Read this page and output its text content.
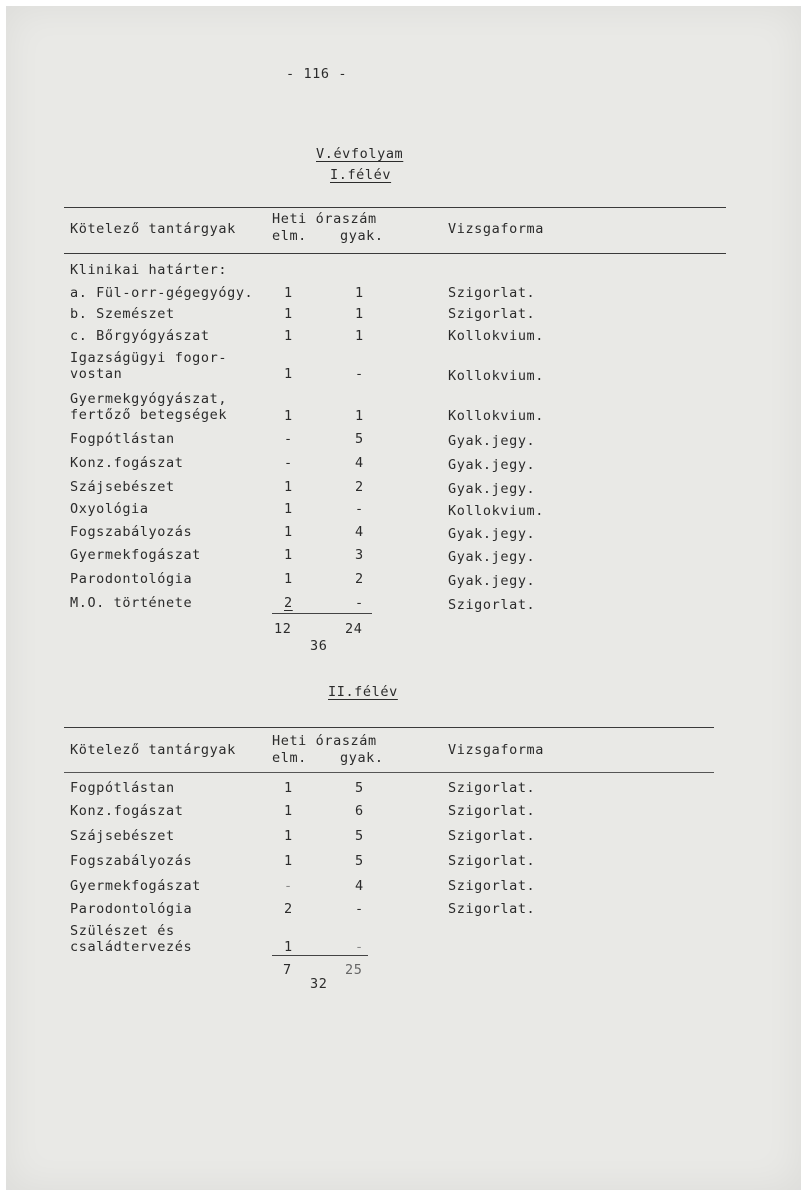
- 116 -
V.évfolyam
I.félév
Kötelező tantárgyak
Heti óraszám
elm. gyak.	Vizsgaforma
Klinikai határter:
a. Fül-orr-gégegyógy. 1	1	Szigorlat.
b. Szemészet	1	1	Szigorlat.
c. Bőrgyógyászat	1	1	Kollokvium.
Igazságügyi fogor-
vostan	1	-	Kollokvium.
Gyermekgyógyászat,
fertőző betegségek	1	1	Kollokvium.
Fogpótlástan	-	5	Gyak.jegy.
Konz.fogászat	-	4	Gyak.jegy.
Szájsebészet	1	2	Gyak.jegy.
Oxyológia	1	-	Kollokvium.
Fogszabályozás	1	4	Gyak.jegy.
Gyermekfogászat	1	3	Gyak.jegy.
Parodontológia	1	2	Gyak.jegy.
M.O. története	2	-	Szigorlat.
12	24
36
II.félév
Kötelező tantárgyak
Heti óraszám
elm. gyak.	Vizsgaforma
Fogpótlástan	1	5	Szigorlat.
Konz.fogászat	1	6	Szigorlat.
Szájsebészet	1	5	Szigorlat.
Fogszabályozás	1	5	Szigorlat.
Gyermekfogászat	-	4	Szigorlat.
Parodontológia	2	-	Szigorlat.
Szülészet és
családtervezés	1	-
7	25
32
